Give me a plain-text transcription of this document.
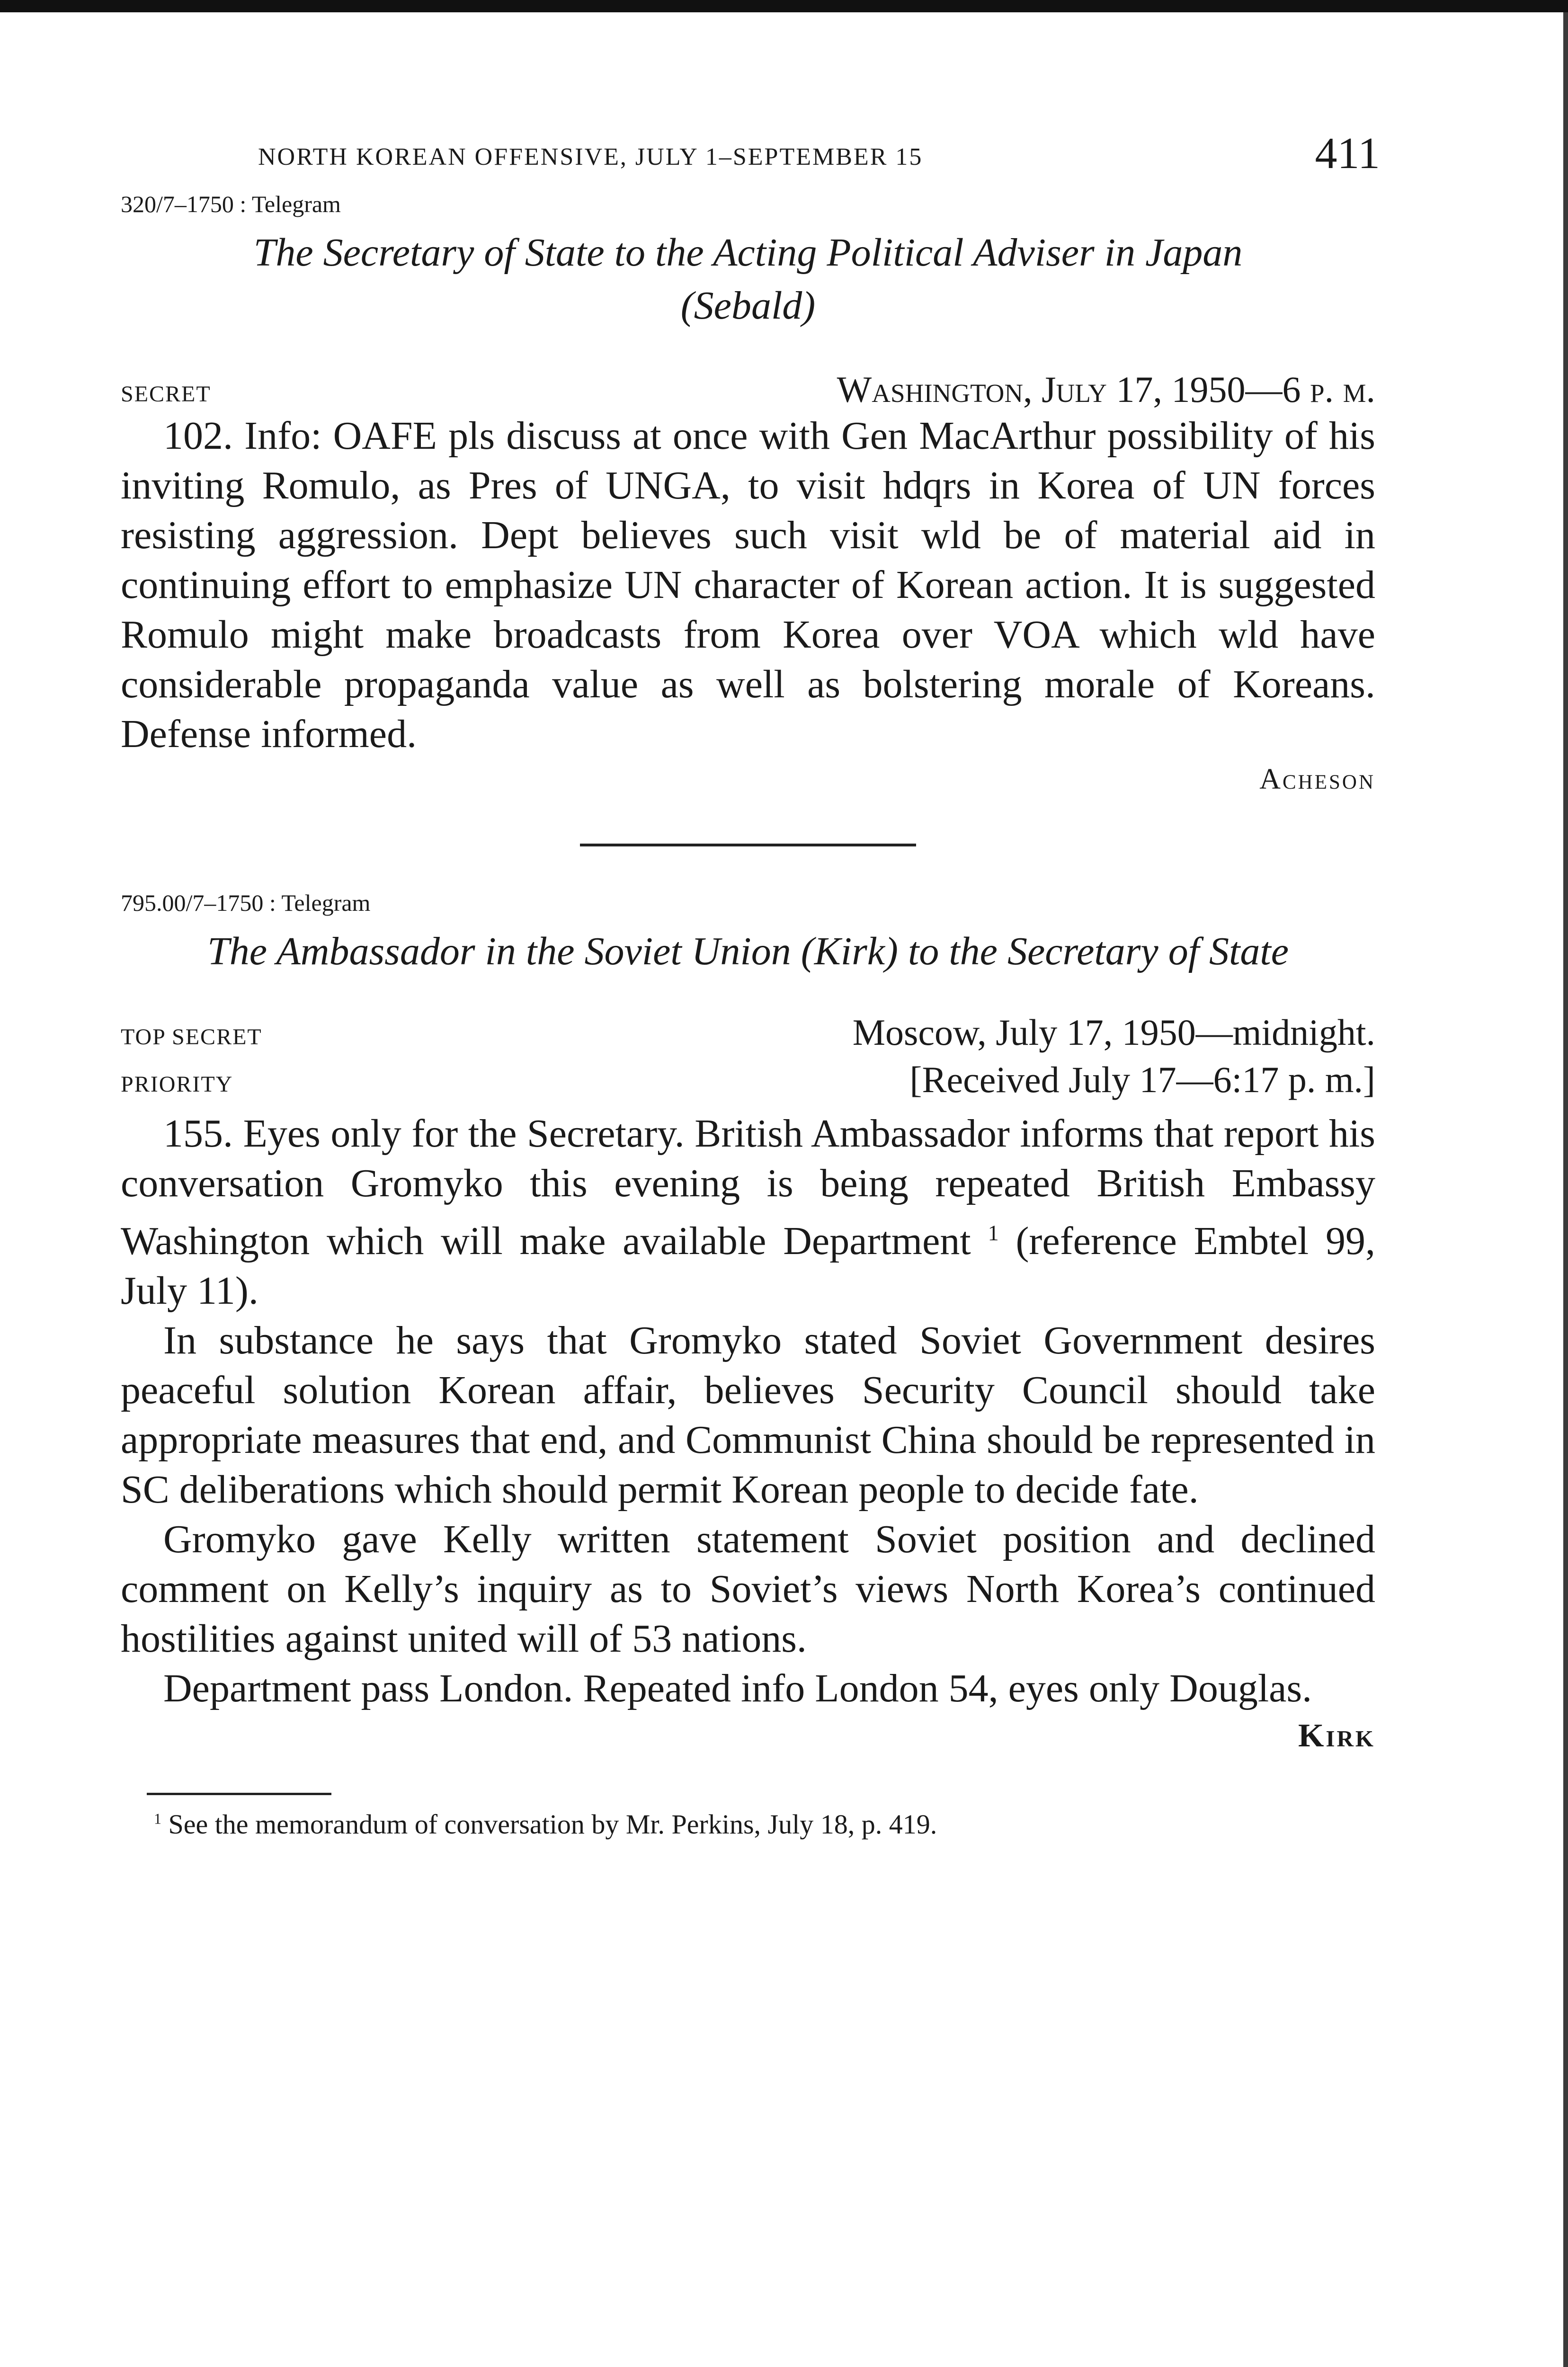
NORTH KOREAN OFFENSIVE, JULY 1–SEPTEMBER 15	411
320/7–1750 : Telegram
The Secretary of State to the Acting Political Adviser in Japan
(Sebald)
SECRET	Washington, July 17, 1950—6 p. m.

102. Info: OAFE pls discuss at once with Gen MacArthur possibility of his inviting Romulo, as Pres of UNGA, to visit hdqrs in Korea of UN forces resisting aggression. Dept believes such visit wld be of material aid in continuing effort to emphasize UN character of Korean action. It is suggested Romulo might make broadcasts from Korea over VOA which wld have considerable propaganda value as well as bolstering morale of Koreans. Defense informed.

Acheson
795.00/7–1750 : Telegram
The Ambassador in the Soviet Union (Kirk) to the Secretary of State
TOP SECRET	Moscow, July 17, 1950—midnight.
PRIORITY	[Received July 17—6:17 p. m.]

155. Eyes only for the Secretary. British Ambassador informs that report his conversation Gromyko this evening is being repeated British Embassy Washington which will make available Department $^1$ (reference Embtel 99, July 11).

In substance he says that Gromyko stated Soviet Government desires peaceful solution Korean affair, believes Security Council should take appropriate measures that end, and Communist China should be represented in SC deliberations which should permit Korean people to decide fate.

Gromyko gave Kelly written statement Soviet position and declined comment on Kelly’s inquiry as to Soviet’s views North Korea’s continued hostilities against united will of 53 nations.

Department pass London. Repeated info London 54, eyes only Douglas.

Kirk
$^1$ See the memorandum of conversation by Mr. Perkins, July 18, p. 419.
